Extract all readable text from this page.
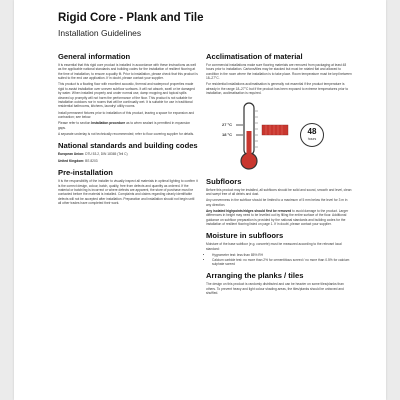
Rigid Core - Plank and Tile
Installation Guidelines
General information

It is essential that this rigid core product is installed in accordance with these instructions as well as the applicable national standards and building codes for the installation of resilient flooring at the time of installation, to ensure a quality fit. Prior to installation, please check that this product is suited to the end use application. If in doubt, please contact your supplier.

This product is a floating floor with excellent acoustic, thermal and waterproof properties made rigid to assist installation over uneven subfloor surfaces. It will not absorb, swell or be damaged by water. When installed properly and under normal use, damp mopping and topical spills cleaned up promptly will not harm the performance of the floor. This product is not suitable for installation outdoors nor in rooms that will be continually wet. It is suitable for use in traditional residential bathrooms, kitchens, laundry/ utility rooms.

Install permanent fixtures prior to installation of this product, leaving a space for expansion and contraction; see below.

Please refer to section Installation procedure as to when sealant is permitted in expansion gaps.

A separate underlay is not technically recommended; refer to floor covering supplier for details.

National standards and building codes

European Union: DTU 53.2, DIN 18365 (Teil C)

United Kingdom: BS 8203

Pre-installation

It is the responsibility of the installer to visually inspect all materials in optimal lighting to confirm it is the correct design, colour, batch, quality, free from defects and quantity as ordered. If the material or batch/ing is incorrect or where defects are apparent, the store of purchase must be contacted before the material is installed. Complaints and claims regarding clearly identifiable defects will not be accepted after installation. Preparation and installation should not begin until all other trades have completed their work.

Acclimatisation of material

For commercial installations make sure flooring materials are removed from packaging at least 48 hours prior to installation. Cartons/tiles may be stacked but must be rotated flat and allowed to condition in the room where the installation is to take place. Room temperature must be kept between 18–27°C.

For residential installations acclimatisation is generally not essential if the product temperature is already in the range 18–27°C but if the product has been exposed to extreme temperatures prior to installation, acclimatisation is required.

27 °C
18 °C	48
hours
Subfloors

Before this product may be installed, all subfloors should be solid and sound, smooth and level, clean and swept free of all debris and dust.

Any unevenness in the subfloor should be limited to a maximum of 5 mm below the level for 3 m in any direction.

Any isolated highpoints/ridges should first be removed to avoid damage to the product. Larger differences in height may need to be levelled out by filling the entire surface of the floor. Additional guidance on subfloor preparation is provided by the national standards and building codes for the installation of resilient flooring listed on page 1. If in doubt, please contact your supplier.

Moisture in subfloors

Moisture of the base subfloor (e.g. concrete) must be measured according to the relevant local standard:

• Hygrometer test: less than 85% RH
• Calcium carbide test: no more than 2% for cementitious screed / no more than 0.5% for calcium sulphate screed
Arranging the planks / tiles

The design on this product is randomly distributed and can be heavier on some tiles/planks than others. To prevent heavy and light colour shading areas, the tiles/planks should be unboxed and shuffled.
